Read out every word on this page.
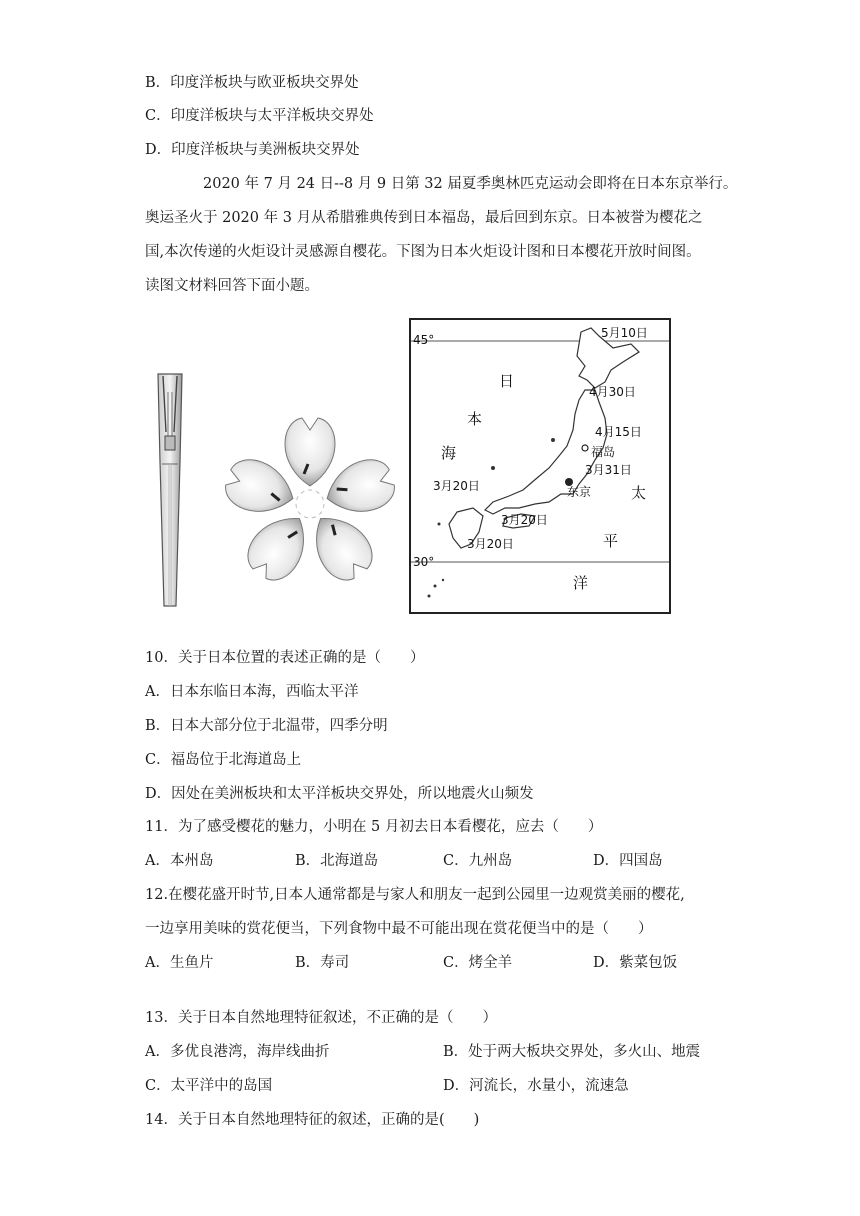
B．印度洋板块与欧亚板块交界处
C．印度洋板块与太平洋板块交界处
D．印度洋板块与美洲板块交界处
2020 年 7 月 24 日--8 月 9 日第 32 届夏季奥林匹克运动会即将在日本东京举行。
奥运圣火于 2020 年 3 月从希腊雅典传到日本福岛，最后回到东京。日本被誉为樱花之
国,本次传递的火炬设计灵感源自樱花。下图为日本火炬设计图和日本樱花开放时间图。
读图文材料回答下面小题。
45°
30°
5月10日
4月30日
4月15日
福岛
3月31日
3月20日	东京
3月20日
3月20日
日
本
海
太
平
洋
10．关于日本位置的表述正确的是（　　）
A．日本东临日本海，西临太平洋
B．日本大部分位于北温带，四季分明
C．福岛位于北海道岛上
D．因处在美洲板块和太平洋板块交界处，所以地震火山频发
11．为了感受樱花的魅力，小明在 5 月初去日本看樱花，应去（　　）
A．本州岛	B．北海道岛	C．九州岛	D．四国岛
12.在樱花盛开时节,日本人通常都是与家人和朋友一起到公园里一边观赏美丽的樱花,
一边享用美味的赏花便当，下列食物中最不可能出现在赏花便当中的是（　　）
A．生鱼片	B．寿司	C．烤全羊	D．紫菜包饭
13．关于日本自然地理特征叙述，不正确的是（　　）
A．多优良港湾，海岸线曲折	B．处于两大板块交界处，多火山、地震
C．太平洋中的岛国	D．河流长，水量小，流速急
14．关于日本自然地理特征的叙述，正确的是(　　)
